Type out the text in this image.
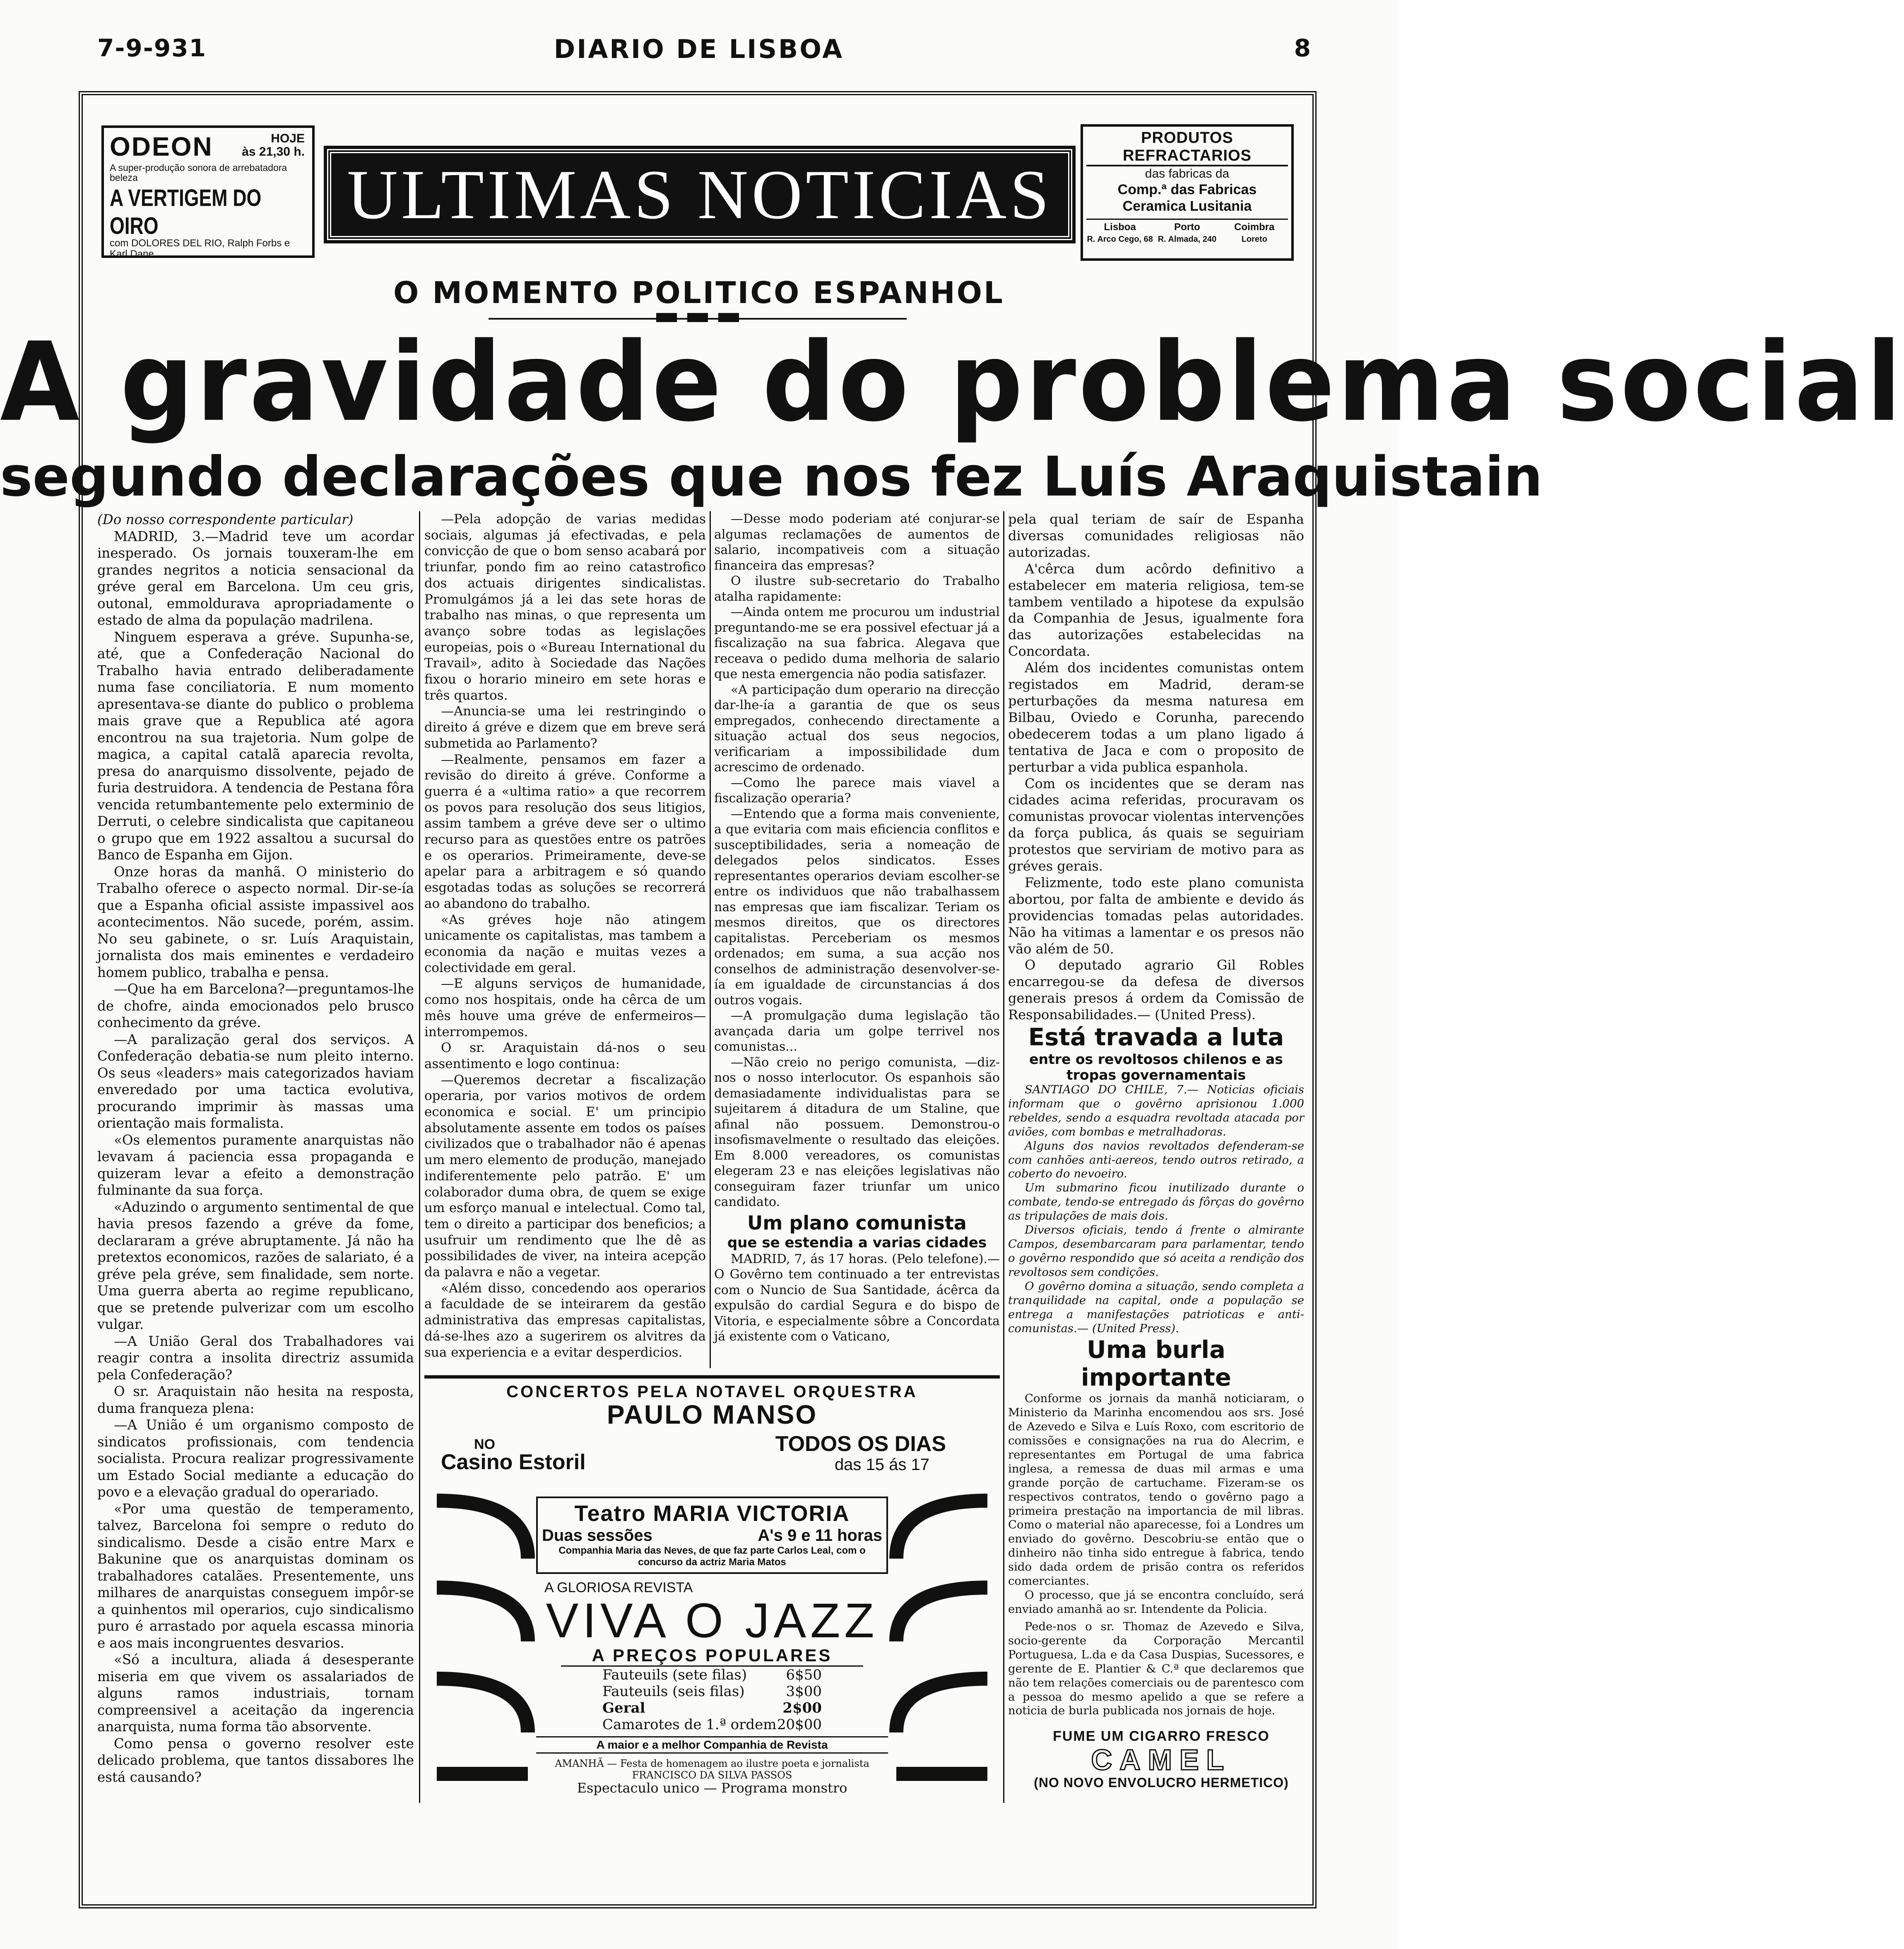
7-9-931	DIARIO DE LISBOA	8
ODEON	HOJE
às 21,30 h.
A super-produção sonora de arrebatadora beleza
A VERTIGEM DO OIRO
com DOLORES DEL RIO, Ralph Forbs e Karl Dane.
ULTIMAS NOTICIAS
PRODUTOS REFRACTARIOS
das fabricas da
Comp.ª das Fabricas Ceramica Lusitania
Lisboa	Porto	Coimbra
R. Arco Cego, 68 R. Almada, 240	Loreto
O MOMENTO POLITICO ESPANHOL
A gravidade do problema social
segundo declarações que nos fez Luís Araquistain

(Do nosso correspondente particular)

MADRID, 3.—Madrid teve um acordar inesperado. Os jornais touxeram-lhe em grandes negritos a noticia sensacional da gréve geral em Barcelona. Um ceu gris, outonal, emmoldurava apropriadamente o estado de alma da população madrilena.

Ninguem esperava a gréve. Supunha-se, até, que a Confederação Nacional do Trabalho havia entrado deliberadamente numa fase conciliatoria. E num momento apresentava-se diante do publico o problema mais grave que a Republica até agora encontrou na sua trajetoria. Num golpe de magica, a capital catalã aparecia revolta, presa do anarquismo dissolvente, pejado de furia destruidora. A tendencia de Pestana fôra vencida retumbantemente pelo exterminio de Derruti, o celebre sindicalista que capitaneou o grupo que em 1922 assaltou a sucursal do Banco de Espanha em Gijon.

Onze horas da manhã. O ministerio do Trabalho oferece o aspecto normal. Dir-se-ía que a Espanha oficial assiste impassivel aos acontecimentos. Não sucede, porém, assim. No seu gabinete, o sr. Luís Araquistain, jornalista dos mais eminentes e verdadeiro homem publico, trabalha e pensa.

—Que ha em Barcelona?—preguntamos-lhe de chofre, ainda emocionados pelo brusco conhecimento da gréve.

—A paralização geral dos serviços. A Confederação debatia-se num pleito interno. Os seus «leaders» mais categorizados haviam enveredado por uma tactica evolutiva, procurando imprimir às massas uma orientação mais formalista.

«Os elementos puramente anarquistas não levavam á paciencia essa propaganda e quizeram levar a efeito a demonstração fulminante da sua força.

«Aduzindo o argumento sentimental de que havia presos fazendo a gréve da fome, declararam a gréve abruptamente. Já não ha pretextos economicos, razões de salariato, é a gréve pela gréve, sem finalidade, sem norte. Uma guerra aberta ao regime republicano, que se pretende pulverizar com um escolho vulgar.

—A União Geral dos Trabalhadores vai reagir contra a insolita directriz assumida pela Confederação?

O sr. Araquistain não hesita na resposta, duma franqueza plena:

—A União é um organismo composto de sindicatos profissionais, com tendencia socialista. Procura realizar progressivamente um Estado Social mediante a educação do povo e a elevação gradual do operariado.

«Por uma questão de temperamento, talvez, Barcelona foi sempre o reduto do sindicalismo. Desde a cisão entre Marx e Bakunine que os anarquistas dominam os trabalhadores catalães. Presentemente, uns milhares de anarquistas conseguem impôr-se a quinhentos mil operarios, cujo sindicalismo puro é arrastado por aquela escassa minoria e aos mais incongruentes desvarios.

«Só a incultura, aliada á desesperante miseria em que vivem os assalariados de alguns ramos industriais, tornam compreensivel a aceitação da ingerencia anarquista, numa forma tão absorvente.

Como pensa o governo resolver este delicado problema, que tantos dissabores lhe está causando?

—Pela adopção de varias medidas sociais, algumas já efectivadas, e pela convicção de que o bom senso acabará por triunfar, pondo fim ao reino catastrofico dos actuais dirigentes sindicalistas. Promulgámos já a lei das sete horas de trabalho nas minas, o que representa um avanço sobre todas as legislações europeias, pois o «Bureau International du Travail», adito à Sociedade das Nações fixou o horario mineiro em sete horas e três quartos.

—Anuncia-se uma lei restringindo o direito á gréve e dizem que em breve será submetida ao Parlamento?

—Realmente, pensamos em fazer a revisão do direito á gréve. Conforme a guerra é a «ultima ratio» a que recorrem os povos para resolução dos seus litigios, assim tambem a gréve deve ser o ultimo recurso para as questões entre os patrões e os operarios. Primeiramente, deve-se apelar para a arbitragem e só quando esgotadas todas as soluções se recorrerá ao abandono do trabalho.

«As gréves hoje não atingem unicamente os capitalistas, mas tambem a economia da nação e muitas vezes a colectividade em geral.

—E alguns serviços de humanidade, como nos hospitais, onde ha cêrca de um mês houve uma gréve de enfermeiros—interrompemos.

O sr. Araquistain dá-nos o seu assentimento e logo continua:

—Queremos decretar a fiscalização operaria, por varios motivos de ordem economica e social. E' um principio absolutamente assente em todos os países civilizados que o trabalhador não é apenas um mero elemento de produção, manejado indiferentemente pelo patrão. E' um colaborador duma obra, de quem se exige um esforço manual e intelectual. Como tal, tem o direito a participar dos beneficios; a usufruir um rendimento que lhe dê as possibilidades de viver, na inteira acepção da palavra e não a vegetar.

«Além disso, concedendo aos operarios a faculdade de se inteirarem da gestão administrativa das empresas capitalistas, dá-se-lhes azo a sugerirem os alvitres da sua experiencia e a evitar desperdicios.

—Desse modo poderiam até conjurar-se algumas reclamações de aumentos de salario, incompativeis com a situação financeira das empresas?

O ilustre sub-secretario do Trabalho atalha rapidamente:

—Ainda ontem me procurou um industrial preguntando-me se era possivel efectuar já a fiscalização na sua fabrica. Alegava que receava o pedido duma melhoria de salario que nesta emergencia não podia satisfazer.

«A participação dum operario na direcção dar-lhe-ía a garantia de que os seus empregados, conhecendo directamente a situação actual dos seus negocios, verificariam a impossibilidade dum acrescimo de ordenado.

—Como lhe parece mais viavel a fiscalização operaria?

—Entendo que a forma mais conveniente, a que evitaria com mais eficiencia conflitos e susceptibilidades, seria a nomeação de delegados pelos sindicatos. Esses representantes operarios deviam escolher-se entre os individuos que não trabalhassem nas empresas que iam fiscalizar. Teriam os mesmos direitos, que os directores capitalistas. Perceberiam os mesmos ordenados; em suma, a sua acção nos conselhos de administração desenvolver-se-ía em igualdade de circunstancias á dos outros vogais.

—A promulgação duma legislação tão avançada daria um golpe terrivel nos comunistas...

—Não creio no perigo comunista, —diz-nos o nosso interlocutor. Os espanhois são demasiadamente individualistas para se sujeitarem á ditadura de um Staline, que afinal não possuem. Demonstrou-o insofismavelmente o resultado das eleições. Em 8.000 vereadores, os comunistas elegeram 23 e nas eleições legislativas não conseguiram fazer triunfar um unico candidato.

Um plano comunista

que se estendia a varias cidades

MADRID, 7, ás 17 horas. (Pelo telefone).—O Govêrno tem continuado a ter entrevistas com o Nuncio de Sua Santidade, ácêrca da expulsão do cardial Segura e do bispo de Vitoria, e especialmente sôbre a Concordata já existente com o Vaticano,

pela qual teriam de saír de Espanha diversas comunidades religiosas não autorizadas.

A'cêrca dum acôrdo definitivo a estabelecer em materia religiosa, tem-se tambem ventilado a hipotese da expulsão da Companhia de Jesus, igualmente fora das autorizações estabelecidas na Concordata.

Além dos incidentes comunistas ontem registados em Madrid, deram-se perturbações da mesma naturesa em Bilbau, Oviedo e Corunha, parecendo obedecerem todas a um plano ligado á tentativa de Jaca e com o proposito de perturbar a vida publica espanhola.

Com os incidentes que se deram nas cidades acima referidas, procuravam os comunistas provocar violentas intervenções da força publica, ás quais se seguiriam protestos que serviriam de motivo para as gréves gerais.

Felizmente, todo este plano comunista abortou, por falta de ambiente e devido ás providencias tomadas pelas autoridades. Não ha vitimas a lamentar e os presos não vão além de 50.

O deputado agrario Gil Robles encarregou-se da defesa de diversos generais presos á ordem da Comissão de Responsabilidades.— (United Press).

Está travada a luta
entre os revoltosos chilenos e as tropas governamentais

SANTIAGO DO CHILE, 7.— Noticias oficiais informam que o govêrno aprisionou 1.000 rebeldes, sendo a esquadra revoltada atacada por aviões, com bombas e metralhadoras.

Alguns dos navios revoltados defenderam-se com canhões anti-aereos, tendo outros retirado, a coberto do nevoeiro.

Um submarino ficou inutilizado durante o combate, tendo-se entregado ás fôrças do govêrno as tripulações de mais dois.

Diversos oficiais, tendo á frente o almirante Campos, desembarcaram para parlamentar, tendo o govêrno respondido que só aceita a rendição dos revoltosos sem condições.

O govêrno domina a situação, sendo completa a tranquilidade na capital, onde a população se entrega a manifestações patrioticas e anti-comunistas.— (United Press).

Uma burla importante

Conforme os jornais da manhã noticiaram, o Ministerio da Marinha encomendou aos srs. José de Azevedo e Silva e Luís Roxo, com escritorio de comissões e consignações na rua do Alecrim, e representantes em Portugal de uma fabrica inglesa, a remessa de duas mil armas e uma grande porção de cartuchame. Fizeram-se os respectivos contratos, tendo o govêrno pago a primeira prestação na importancia de mil libras. Como o material não aparecesse, foi a Londres um enviado do govêrno. Descobriu-se então que o dinheiro não tinha sido entregue à fabrica, tendo sido dada ordem de prisão contra os referidos comerciantes.

O processo, que já se encontra concluído, será enviado amanhã ao sr. Intendente da Policia.

Pede-nos o sr. Thomaz de Azevedo e Silva, socio-gerente da Corporação Mercantil Portuguesa, L.da e da Casa Duspias, Sucessores, e gerente de E. Plantier & C.ª que declaremos que não tem relações comerciais ou de parentesco com a pessoa do mesmo apelido a que se refere a noticia de burla publicada nos jornais de hoje.

CONCERTOS PELA NOTAVEL ORQUESTRA
PAULO MANSO
NO
Casino Estoril
TODOS OS DIAS
das 15 ás 17
Teatro MARIA VICTORIA
Duas sessões	A's 9 e 11 horas
Companhia Maria das Neves, de que faz parte Carlos Leal, com o concurso da actriz Maria Matos
A GLORIOSA REVISTA
VIVA O JAZZ
A PREÇOS POPULARES
Fauteuils (sete filas)	6$50
Fauteuils (seis filas)	3$00
Geral	2$00
Camarotes de 1.ª ordem 20$00
A maior e a melhor Companhia de Revista
AMANHÃ — Festa de homenagem ao ilustre poeta e jornalista FRANCISCO DA SILVA PASSOS
Espectaculo unico — Programa monstro
FUME UM CIGARRO FRESCO
CAMEL
(NO NOVO ENVOLUCRO HERMETICO)
